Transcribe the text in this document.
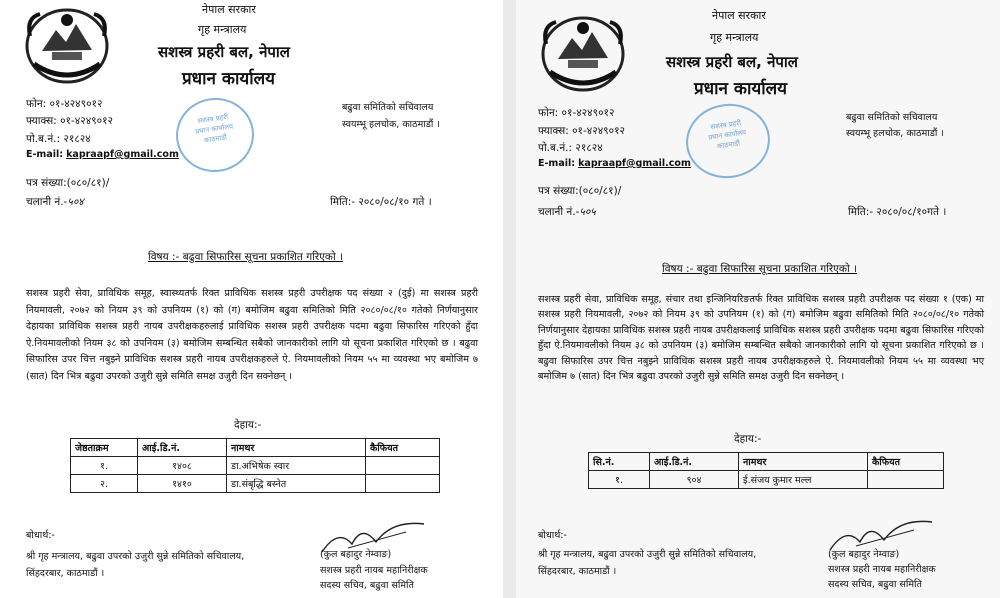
नेपाल सरकार
गृह मन्त्रालय
सशस्त्र प्रहरी बल, नेपाल
प्रधान कार्यालय
फोन: ०१-४२४९०१२
फ्याक्स: ०१-४२४९०१२
पो.ब.नं.: २१८२४
E-mail: kapraapf@gmail.com
सशस्त्र प्रहरी
प्रधान कार्यालय
काठमाडौं
बढुवा समितिको सचिवालय
स्वयम्भू हलचोक, काठमाडौं ।
पत्र संख्या:(०८०/८१)/
चलानी नं.-५०४	मिति:- २०८०/०८/१० गते ।
विषय :- बढुवा सिफारिस सूचना प्रकाशित गरिएको ।
सशस्त्र प्रहरी सेवा, प्राविधिक समूह, स्वास्थ्यतर्फ रिक्त प्राविधिक सशस्त्र प्रहरी उपरीक्षक पद संख्या २ (दुई) मा सशस्त्र प्रहरी नियमावली, २०७२ को नियम ३९ को उपनियम (१) को (ग) बमोजिम बढुवा समितिको मिति २०८०/०८/१० गतेको निर्णयानुसार देहायका प्राविधिक सशस्त्र प्रहरी नायब उपरीक्षकहरुलाई प्राविधिक सशस्त्र प्रहरी उपरीक्षक पदमा बढुवा सिफारिस गरिएको हुँदा ऐ.नियमावलीको नियम ३८ को उपनियम (३) बमोजिम सम्बन्धित सबैको जानकारीको लागि यो सूचना प्रकाशित गरिएको छ । बढुवा सिफारिस उपर चित्त नबुझ्ने प्राविधिक सशस्त्र प्रहरी नायब उपरीक्षकहरुले ऐ. नियमावलीको नियम ५५ मा व्यवस्था भए बमोजिम ७ (सात) दिन भित्र बढुवा उपरको उजुरी सुन्ने समिति समक्ष उजुरी दिन सक्नेछन् ।
देहाय:-
जेष्ठताक्रम	आई.डि.नं.	नामथर	कैफियत
१.	१४०८	डा.अभिषेक स्वार	
२.	१४१०	डा.संबृद्धि बस्नेत	
बोधार्थ:-
श्री गृह मन्त्रालय, बढुवा उपरको उजुरी सुन्ने समितिको सचिवालय,
सिंहदरबार, काठमाडौं ।
(कुल बहादुर नेम्वाङ)
सशस्त्र प्रहरी नायब महानिरीक्षक
सदस्य सचिव, बढुवा समिति
नेपाल सरकार
गृह मन्त्रालय
सशस्त्र प्रहरी बल, नेपाल
प्रधान कार्यालय
फोन: ०१-४२४९०१२
फ्याक्स: ०१-४२४९०१२
पो.ब.नं.: २१८२४
E-mail: kapraapf@gmail.com
सशस्त्र प्रहरी
प्रधान कार्यालय
काठमाडौं
बढुवा समितिको सचिवालय
स्वयम्भू हलचोक, काठमाडौं ।
पत्र संख्या:(०८०/८१)/
चलानी नं.-५०५	मिति:- २०८०/०८/१०गते ।
विषय :- बढुवा सिफारिस सूचना प्रकाशित गरिएको ।
सशस्त्र प्रहरी सेवा, प्राविधिक समूह, संचार तथा इन्जिनियरिङतर्फ रिक्त प्राविधिक सशस्त्र प्रहरी उपरीक्षक पद संख्या १ (एक) मा सशस्त्र प्रहरी नियमावली, २०७२ को नियम ३९ को उपनियम (१) को (ग) बमोजिम बढुवा समितिको मिति २०८०/०८/१० गतेको निर्णयानुसार देहायका प्राविधिक सशस्त्र प्रहरी नायब उपरीक्षकलाई प्राविधिक सशस्त्र प्रहरी उपरीक्षक पदमा बढुवा सिफारिस गरिएको हुँदा ऐ.नियमावलीको नियम ३८ को उपनियम (३) बमोजिम सम्बन्धित सबैको जानकारीको लागि यो सूचना प्रकाशित गरिएको छ । बढुवा सिफारिस उपर चित्त नबुझ्ने प्राविधिक सशस्त्र प्रहरी नायब उपरीक्षकहरुले ऐ. नियमावलीको नियम ५५ मा व्यवस्था भए बमोजिम ७ (सात) दिन भित्र बढुवा उपरको उजुरी सुन्ने समिति समक्ष उजुरी दिन सक्नेछन् ।
देहाय:-
सि.नं.	आई.डि.नं.	नामथर	कैफियत
१.	९०४	ई.संजय कुमार मल्ल	
बोधार्थ:-
श्री गृह मन्त्रालय, बढुवा उपरको उजुरी सुन्ने समितिको सचिवालय,
सिंहदरबार, काठमाडौं ।
(कुल बहादुर नेम्वाङ)
सशस्त्र प्रहरी नायब महानिरीक्षक
सदस्य सचिव, बढुवा समिति
